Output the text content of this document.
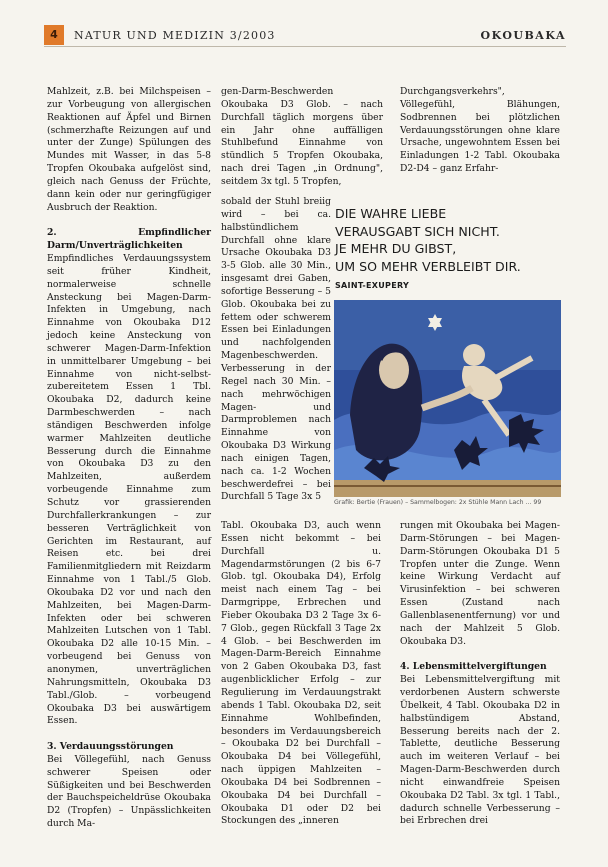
4	NATUR UND MEDIZIN 3/2003	OKOUBAKA

Mahlzeit, z.B. bei Milchspeisen – zur Vorbeugung von allergischen Reaktionen auf Äpfel und Birnen (schmerzhafte Reizungen auf und unter der Zunge) Spülungen des Mundes mit Wasser, in das 5-8 Tropfen Okoubaka aufgelöst sind, gleich nach Genuss der Früchte, dann kein oder nur geringfügiger Ausbruch der Reaktion.

2. Empfindlicher Darm/Unverträglichkeiten

Empfindliches Verdauungssystem seit früher Kindheit, normalerweise schnelle Ansteckung bei Magen-Darm-Infekten in Umgebung, nach Einnahme von Okoubaka D12 jedoch keine Ansteckung von schwerer Magen-Darm-Infektion in unmittelbarer Umgebung – bei Einnahme von nicht-selbst-zubereitetem Essen 1 Tbl. Okoubaka D2, dadurch keine Darmbeschwerden – nach ständigen Beschwerden infolge warmer Mahlzeiten deutliche Besserung durch die Einnahme von Okoubaka D3 zu den Mahlzeiten, außerdem vorbeugende Einnahme zum Schutz vor grassierenden Durchfallerkrankungen – zur besseren Verträglichkeit von Gerichten im Restaurant, auf Reisen etc. bei drei Familienmitgliedern mit Reizdarm Einnahme von 1 Tabl./5 Glob. Okoubaka D2 vor und nach den Mahlzeiten, bei Magen-Darm-Infekten oder bei schweren Mahlzeiten Lutschen von 1 Tabl. Okoubaka D2 alle 10-15 Min. – vorbeugend bei Genuss von anonymen, unverträglichen Nahrungsmitteln, Okoubaka D3 Tabl./Glob. – vorbeugend Okoubaka D3 bei auswärtigem Essen.

3. Verdauungsstörungen

Bei Völlegefühl, nach Genuss schwerer Speisen oder Süßigkeiten und bei Beschwerden der Bauchspeicheldrüse Okoubaka D2 (Tropfen) – Unpässlichkeiten durch Ma-

gen-Darm-Beschwerden Okoubaka D3 Glob. – nach Durchfall täglich morgens über ein Jahr ohne auffälligen Stuhlbefund Einnahme von stündlich 5 Tropfen Okoubaka, nach drei Tagen „in Ordnung", seitdem 3x tgl. 5 Tropfen,

sobald der Stuhl breiig wird – bei ca. halbstündlichem Durchfall ohne klare Ursache Okoubaka D3 3-5 Glob. alle 30 Min., insgesamt drei Gaben, sofortige Besserung – 5 Glob. Okoubaka bei zu fettem oder schwerem Essen bei Einladungen und nachfolgenden Magenbeschwerden. Verbesserung in der Regel nach 30 Min. – nach mehrwöchigen Magen- und Darmproblemen nach Einnahme von Okoubaka D3 Wirkung nach einigen Tagen, nach ca. 1-2 Wochen beschwerdefrei – bei Durchfall 5 Tage 3x 5

Tabl. Okoubaka D3, auch wenn Essen nicht bekommt – bei Durchfall u. Magendarmstörungen (2 bis 6-7 Glob. tgl. Okoubaka D4), Erfolg meist nach einem Tag – bei Darmgrippe, Erbrechen und Fieber Okoubaka D3 2 Tage 3x 6-7 Glob., gegen Rückfall 3 Tage 2x 4 Glob. – bei Beschwerden im Magen-Darm-Bereich Einnahme von 2 Gaben Okoubaka D3, fast augenblicklicher Erfolg – zur Regulierung im Verdauungstrakt abends 1 Tabl. Okoubaka D2, seit Einnahme Wohlbefinden, besonders im Verdauungsbereich – Okoubaka D2 bei Durchfall – Okoubaka D4 bei Völlegefühl, nach üppigen Mahlzeiten – Okoubaka D4 bei Sodbrennen – Okoubaka D4 bei Durchfall – Okoubaka D1 oder D2 bei Stockungen des „inneren

Durchgangsverkehrs", Völlegefühl, Blähungen, Sodbrennen bei plötzlichen Verdauungsstörungen ohne klare Ursache, ungewohntem Essen bei Einladungen 1-2 Tabl. Okoubaka D2-D4 – ganz Erfahr-

DIE WAHRE LIEBE
VERAUSGABT SICH NICHT.
JE MEHR DU GIBST,
UM SO MEHR VERBLEIBT DIR.
SAINT-EXUPERY
Grafik: Bertie (Frauen) – Sammelbogen: 2x Stühle Mann Lach ... 99

rungen mit Okoubaka bei Magen-Darm-Störungen – bei Magen-Darm-Störungen Okoubaka D1 5 Tropfen unter die Zunge. Wenn keine Wirkung Verdacht auf Virusinfektion – bei schweren Essen (Zustand nach Gallenblasenentfernung) vor und nach der Mahlzeit 5 Glob. Okoubaka D3.

4. Lebensmittelvergiftungen

Bei Lebensmittelvergiftung mit verdorbenen Austern schwerste Übelkeit, 4 Tabl. Okoubaka D2 in halbstündigem Abstand, Besserung bereits nach der 2. Tablette, deutliche Besserung auch im weiteren Verlauf – bei Magen-Darm-Beschwerden durch nicht einwandfreie Speisen Okoubaka D2 Tabl. 3x tgl. 1 Tabl., dadurch schnelle Verbesserung – bei Erbrechen drei
